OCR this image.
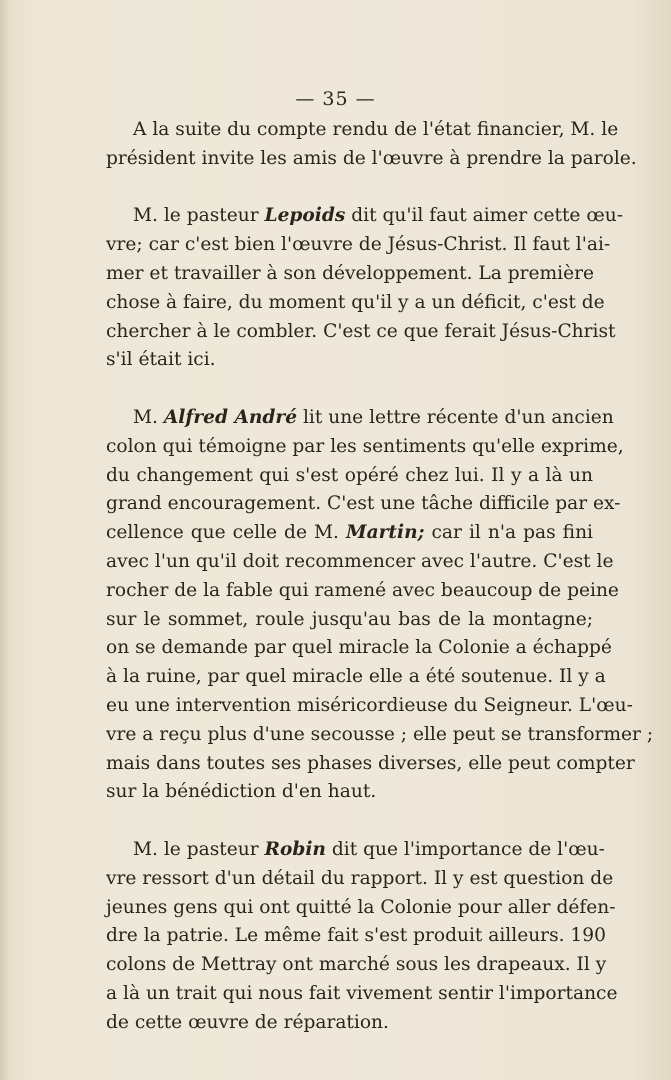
— 35 —
A la suite du compte rendu de l'état financier, M. le
président invite les amis de l'œuvre à prendre la parole.
M. le pasteur Lepoids dit qu'il faut aimer cette œu-
vre; car c'est bien l'œuvre de Jésus-Christ. Il faut l'ai-
mer et travailler à son développement. La première
chose à faire, du moment qu'il y a un déficit, c'est de
chercher à le combler. C'est ce que ferait Jésus-Christ
s'il était ici.
M. Alfred André lit une lettre récente d'un ancien
colon qui témoigne par les sentiments qu'elle exprime,
du changement qui s'est opéré chez lui. Il y a là un
grand encouragement. C'est une tâche difficile par ex-
cellence que celle de M. Martin; car il n'a pas fini
avec l'un qu'il doit recommencer avec l'autre. C'est le
rocher de la fable qui ramené avec beaucoup de peine
sur le sommet, roule jusqu'au bas de la montagne;
on se demande par quel miracle la Colonie a échappé
à la ruine, par quel miracle elle a été soutenue. Il y a
eu une intervention miséricordieuse du Seigneur. L'œu-
vre a reçu plus d'une secousse ; elle peut se transformer ;
mais dans toutes ses phases diverses, elle peut compter
sur la bénédiction d'en haut.
M. le pasteur Robin dit que l'importance de l'œu-
vre ressort d'un détail du rapport. Il y est question de
jeunes gens qui ont quitté la Colonie pour aller défen-
dre la patrie. Le même fait s'est produit ailleurs. 190
colons de Mettray ont marché sous les drapeaux. Il y
a là un trait qui nous fait vivement sentir l'importance
de cette œuvre de réparation.
